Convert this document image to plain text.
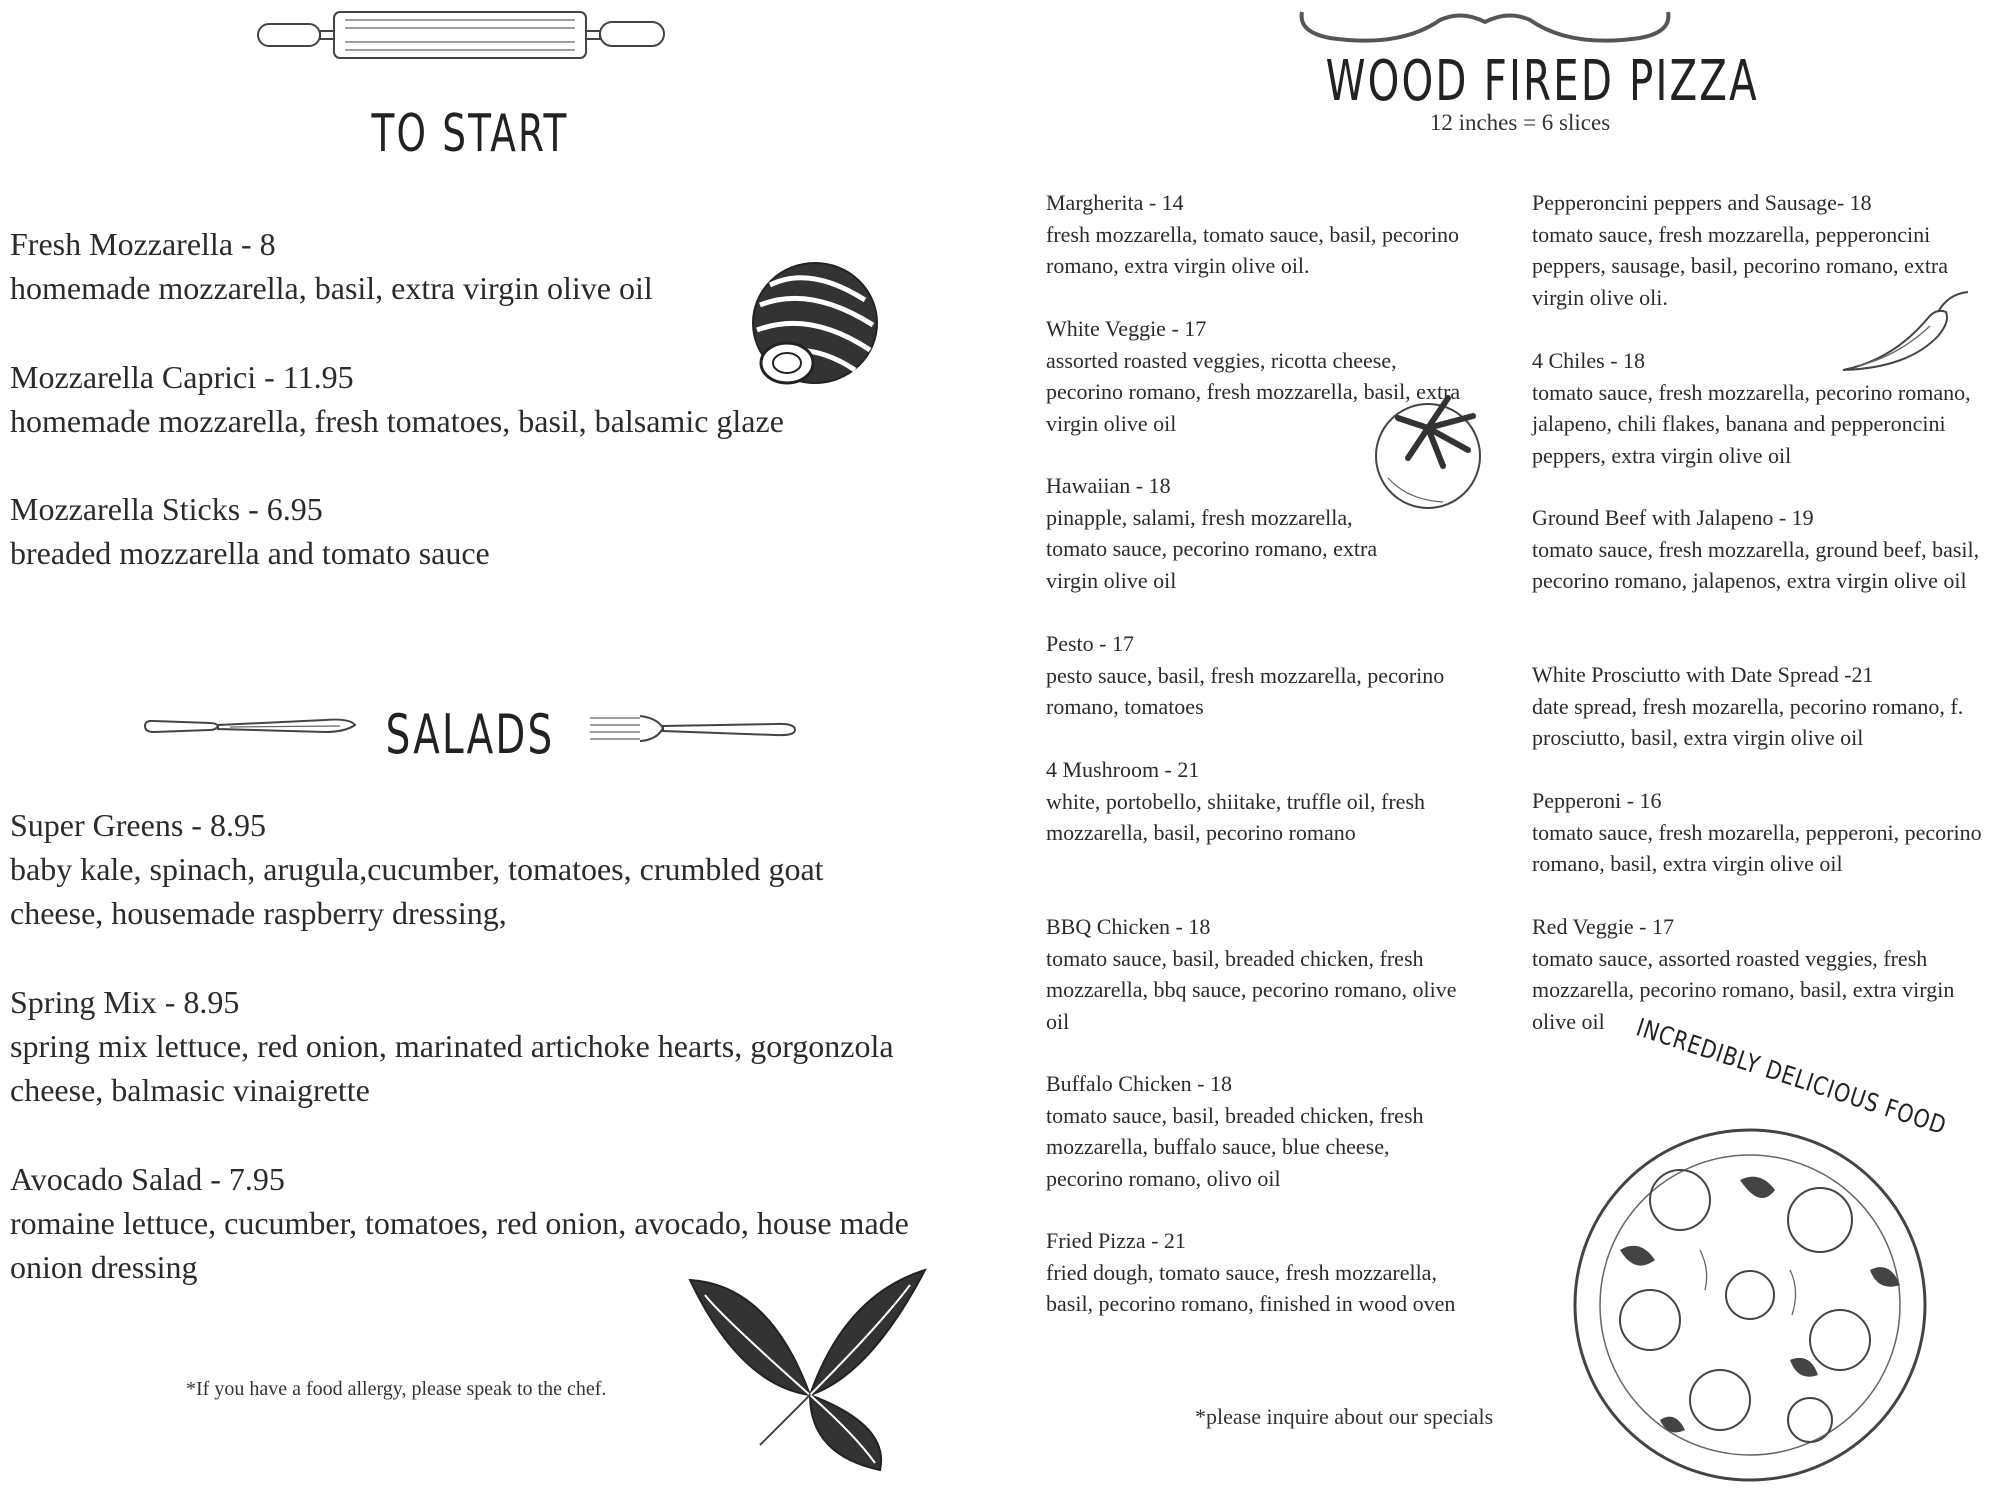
TO START
Fresh Mozzarella - 8
homemade mozzarella, basil, extra virgin olive oil
Mozzarella Caprici - 11.95
homemade mozzarella, fresh tomatoes, basil, balsamic glaze
Mozzarella Sticks - 6.95
breaded mozzarella and tomato sauce
SALADS
Super Greens - 8.95
baby kale, spinach, arugula,cucumber, tomatoes, crumbled goat cheese, housemade raspberry dressing,
Spring Mix - 8.95
spring mix lettuce, red onion, marinated artichoke hearts, gorgonzola cheese, balmasic vinaigrette
Avocado Salad - 7.95
romaine lettuce, cucumber, tomatoes, red onion, avocado, house made onion dressing
*If you have a food allergy, please speak to the chef.
WOOD FIRED PIZZA
12 inches = 6 slices
Margherita - 14
fresh mozzarella, tomato sauce, basil, pecorino romano, extra virgin olive oil.
White Veggie - 17
assorted roasted veggies, ricotta cheese, pecorino romano, fresh mozzarella, basil, extra virgin olive oil
Hawaiian - 18
pinapple, salami, fresh mozzarella, tomato sauce, pecorino romano, extra virgin olive oil
Pesto - 17
pesto sauce, basil, fresh mozzarella, pecorino romano, tomatoes
4 Mushroom - 21
white, portobello, shiitake, truffle oil, fresh mozzarella, basil, pecorino romano
BBQ Chicken - 18
tomato sauce, basil, breaded chicken, fresh mozzarella, bbq sauce, pecorino romano, olive oil
Buffalo Chicken - 18
tomato sauce, basil, breaded chicken, fresh mozzarella, buffalo sauce, blue cheese, pecorino romano, olivo oil
Fried Pizza - 21
fried dough, tomato sauce, fresh mozzarella, basil, pecorino romano, finished in wood oven
Pepperoncini peppers and Sausage- 18
tomato sauce, fresh mozzarella, pepperoncini peppers, sausage, basil, pecorino romano, extra virgin olive oli.
4 Chiles - 18
tomato sauce, fresh mozzarella, pecorino romano, jalapeno, chili flakes, banana and pepperoncini peppers, extra virgin olive oil
Ground Beef with Jalapeno - 19
tomato sauce, fresh mozzarella, ground beef, basil, pecorino romano, jalapenos, extra virgin olive oil
White Prosciutto with Date Spread -21
date spread, fresh mozarella, pecorino romano, f. prosciutto, basil, extra virgin olive oil
Pepperoni - 16
tomato sauce, fresh mozarella, pepperoni, pecorino romano, basil, extra virgin olive oil
Red Veggie - 17
tomato sauce, assorted roasted veggies, fresh mozzarella, pecorino romano, basil, extra virgin olive oil	INCREDIBLY DELICIOUS FOOD
*please inquire about our specials
